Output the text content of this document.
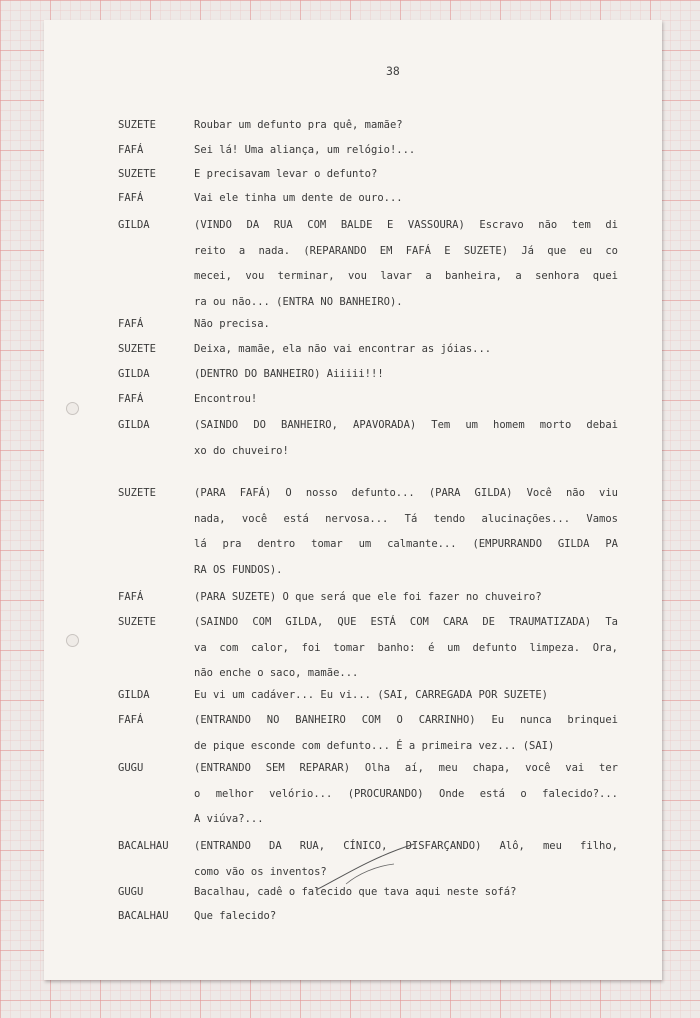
38
SUZETE	Roubar um defunto pra quê, mamãe?
FAFÁ	Sei lá! Uma aliança, um relógio!...
SUZETE	E precisavam levar o defunto?
FAFÁ	Vai ele tinha um dente de ouro...
GILDA	(VINDO DA RUA COM BALDE E VASSOURA) Escravo não tem di
reito a nada. (REPARANDO EM FAFÁ E SUZETE) Já que eu co
mecei, vou terminar, vou lavar a banheira, a senhora quei
ra ou não... (ENTRA NO BANHEIRO).
FAFÁ	Não precisa.
SUZETE	Deixa, mamãe, ela não vai encontrar as jóias...
GILDA	(DENTRO DO BANHEIRO) Aiiiii!!!
FAFÁ	Encontrou!
GILDA	(SAINDO DO BANHEIRO, APAVORADA) Tem um homem morto debai
xo do chuveiro!
SUZETE	(PARA FAFÁ) O nosso defunto... (PARA GILDA) Você não viu
nada, você está nervosa... Tá tendo alucinações... Vamos
lá pra dentro tomar um calmante... (EMPURRANDO GILDA PA
RA OS FUNDOS).
FAFÁ	(PARA SUZETE) O que será que ele foi fazer no chuveiro?
SUZETE	(SAINDO COM GILDA, QUE ESTÁ COM CARA DE TRAUMATIZADA) Ta
va com calor, foi tomar banho: é um defunto limpeza. Ora,
não enche o saco, mamãe...
GILDA	Eu vi um cadáver... Eu vi... (SAI, CARREGADA POR SUZETE)
FAFÁ	(ENTRANDO NO BANHEIRO COM O CARRINHO) Eu nunca brinquei
de pique esconde com defunto... É a primeira vez... (SAI)
GUGU	(ENTRANDO SEM REPARAR) Olha aí, meu chapa, você vai ter
o melhor velório... (PROCURANDO) Onde está o falecido?...
A viúva?...
BACALHAU (ENTRANDO DA RUA, CÍNICO, DISFARÇANDO) Alô, meu filho,
como vão os inventos?
GUGU	Bacalhau, cadê o falecido que tava aqui neste sofá?
BACALHAU Que falecido?
